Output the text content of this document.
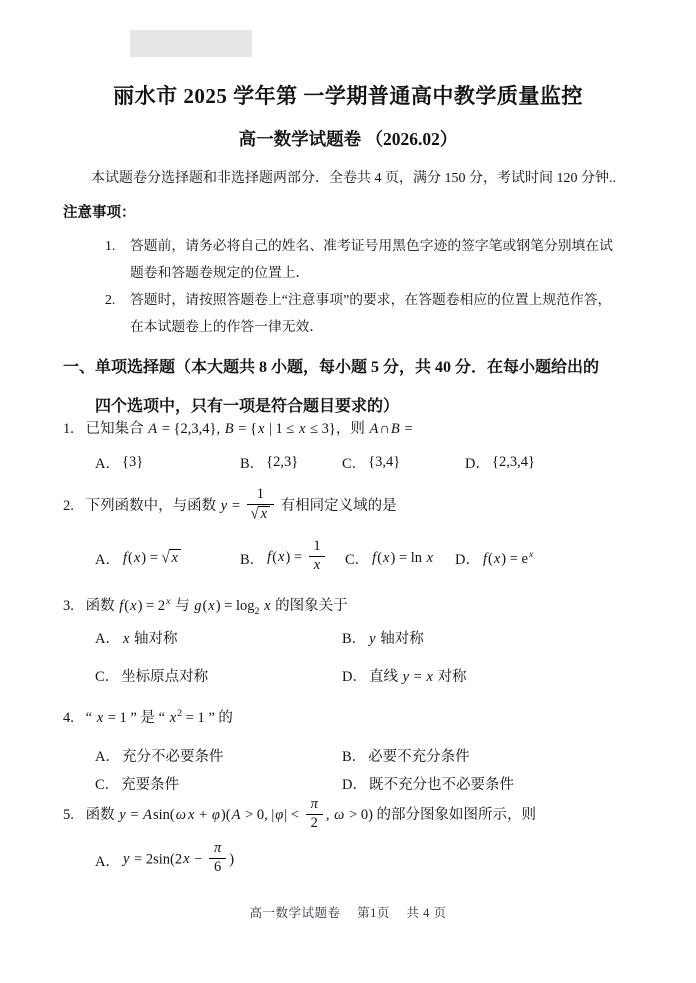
丽水市 2025 学年第 一学期普通高中教学质量监控
高一数学试题卷 （2026.02）
本试题卷分选择题和非选择题两部分．全卷共 4 页，满分 150 分，考试时间 120 分钟..
注意事项：
1.	答题前，请务必将自己的姓名、准考证号用黑色字迹的签字笔或钢笔分别填在试题卷和答题卷规定的位置上．
2.	答题时，请按照答题卷上“注意事项”的要求，在答题卷相应的位置上规范作答，在本试题卷上的作答一律无效．
一、单项选择题（本大题共 8 小题，每小题 5 分，共 40 分．在每小题给出的
四个选项中，只有一项是符合题目要求的）
1. 已知集合 A = {2,3,4}, B = {x | 1 ≤ x ≤ 3}，则 A∩B =
A． {3}	B． {2,3}	C． {3,4}	D． {2,3,4}
2. 下列函数中，与函数 $y = \frac{1}{√ x}$ 有相同定义域的是
A． f(x) = √ x	B． $f(x) = \frac{1}{x}$ C． f(x) = ln x D． $f(x) = e^x$
3. 函数 $f(x) = 2^x$ 与 $g(x) = \log_2 x$ 的图象关于
A． x 轴对称	B． y 轴对称
C． 坐标原点对称	D． 直线 y = x 对称
4. “ x = 1 ” 是 “ $x^2 = 1$ ” 的
A． 充分不必要条件	B． 必要不充分条件
C． 充要条件	D． 既不充分也不必要条件
5. 函数 y = Asin(ω x + φ)(A > 0, $|\varphi| < \frac{\pi}{2}$ , ω > 0) 的部分图象如图所示，则
A． $y = 2\sin(2x - \frac{\pi}{6}$ )
高一数学试题卷　 第1页　 共 4 页
